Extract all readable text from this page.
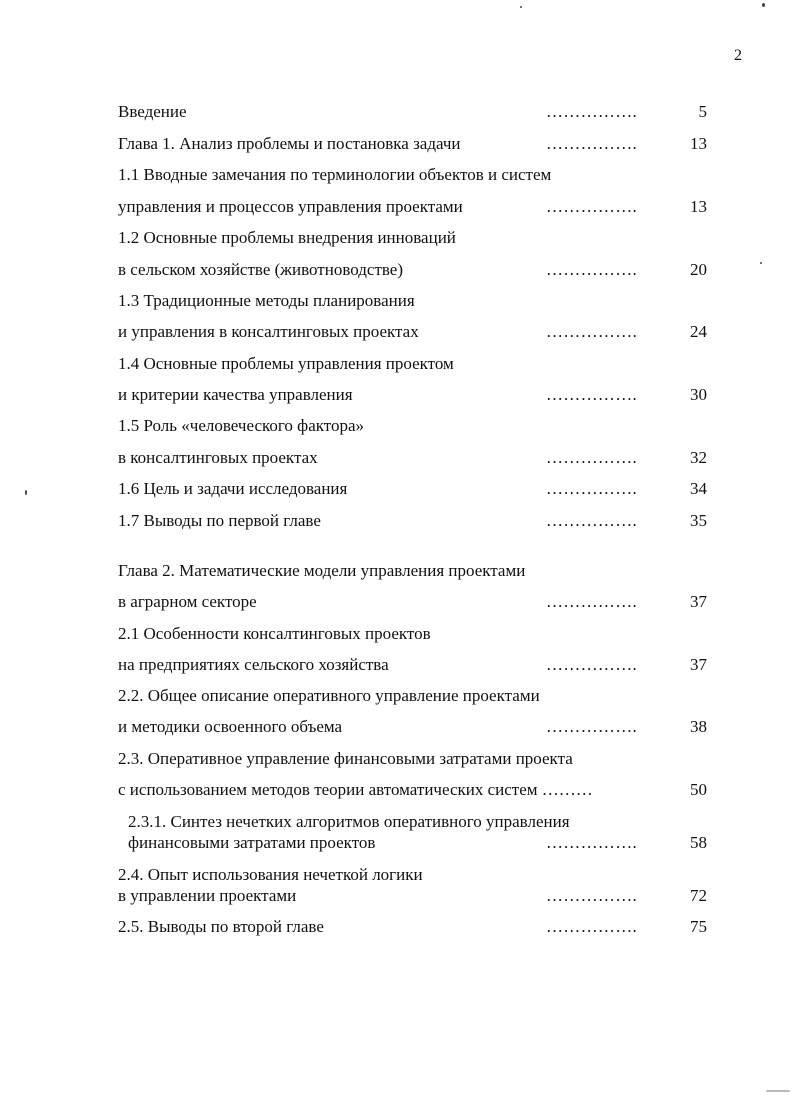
2
Введение	…………….	5
Глава 1. Анализ проблемы и постановка задачи	…………….	13
1.1 Вводные замечания по терминологии объектов и систем
управления и процессов управления проектами	…………….	13
1.2 Основные проблемы внедрения инноваций
в сельском хозяйстве (животноводстве)	…………….	20
1.3 Традиционные методы планирования
и управления в консалтинговых проектах	…………….	24
1.4 Основные проблемы управления проектом
и критерии качества управления	…………….	30
1.5 Роль «человеческого фактора»
в консалтинговых проектах	…………….	32
1.6 Цель и задачи исследования	…………….	34
1.7 Выводы по первой главе	…………….	35
Глава 2. Математические модели управления проектами
в аграрном секторе	…………….	37
2.1 Особенности консалтинговых проектов
на предприятиях сельского хозяйства	…………….	37
2.2. Общее описание оперативного управление проектами
и методики освоенного объема	…………….	38
2.3. Оперативное управление финансовыми затратами проекта
с использованием методов теории автоматических систем ………	50
2.3.1. Синтез нечетких алгоритмов оперативного управления
финансовыми затратами проектов	…………….	58
2.4. Опыт использования нечеткой логики
в управлении проектами	…………….	72
2.5. Выводы по второй главе	…………….	75
